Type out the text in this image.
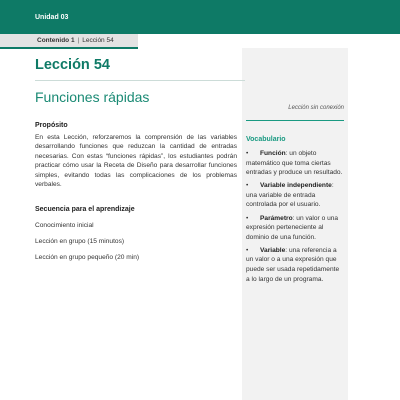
Unidad 03
Contenido 1 | Lección 54
Lección 54
Funciones rápidas
Lección sin conexión
Propósito

En esta Lección, reforzaremos la comprensión de las variables desarrollando funciones que reduzcan la cantidad de entradas necesarias. Con estas “funciones rápidas”, los estudiantes podrán practicar cómo usar la Receta de Diseño para desarrollar funciones simples, evitando todas las complicaciones de los problemas verbales.

Secuencia para el aprendizaje
Conocimiento inicial
Lección en grupo (15 minutos)
Lección en grupo pequeño (20 min)
Vocabulario
• Función: un objeto matemático que toma ciertas entradas y produce un resultado.
• Variable independiente: una variable de entrada controlada por el usuario.
• Parámetro: un valor o una expresión perteneciente al dominio de una función.
• Variable: una referencia a un valor o a una expresión que puede ser usada repetidamente a lo largo de un programa.
